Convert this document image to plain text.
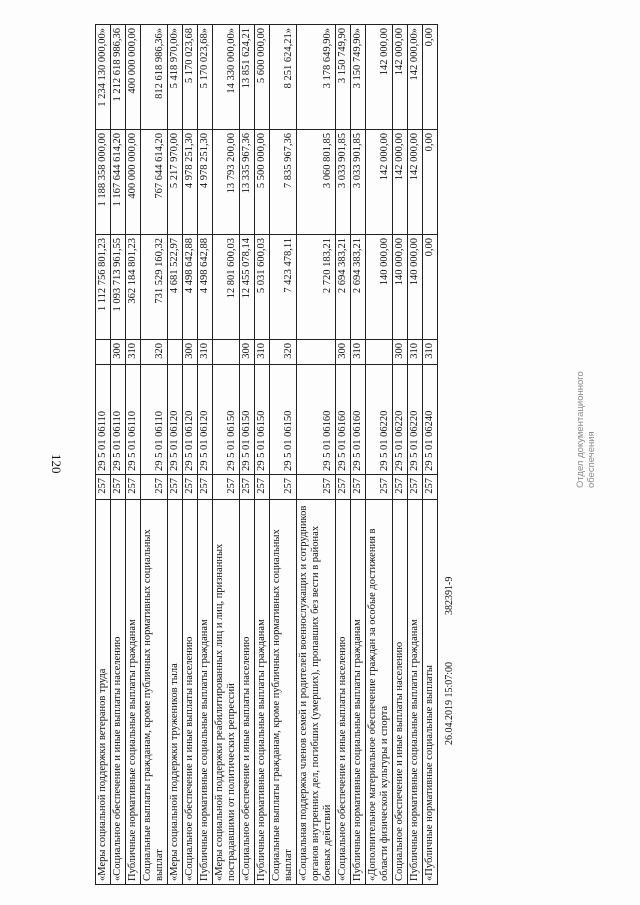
120
«Меры социальной поддержки ветеранов труда	257	29 5 01 06110		1 112 756 801,23	1 188 358 000,00	1 234 130 000,00»
«Социальное обеспечение и иные выплаты населению	257	29 5 01 06110	300	1 093 713 961,55	1 167 644 614,20	1 212 618 986,36
Публичные нормативные социальные выплаты гражданам	257	29 5 01 06110	310	362 184 801,23	400 000 000,00	400 000 000,00
Социальные выплаты гражданам, кроме публичных нормативных социальных выплат	257	29 5 01 06110	320	731 529 160,32	767 644 614,20	812 618 986,36»
«Меры социальной поддержки тружеников тыла	257	29 5 01 06120		4 681 522,97	5 217 970,00	5 418 970,00»
«Социальное обеспечение и иные выплаты населению	257	29 5 01 06120	300	4 498 642,88	4 978 251,30	5 170 023,68
Публичные нормативные социальные выплаты гражданам	257	29 5 01 06120	310	4 498 642,88	4 978 251,30	5 170 023,68»
«Меры социальной поддержки реабилитированных лиц и лиц, признанных пострадавшими от политических репрессий	257	29 5 01 06150		12 801 600,03	13 793 200,00	14 330 000,00»
«Социальное обеспечение и иные выплаты населению	257	29 5 01 06150	300	12 455 078,14	13 335 967,36	13 851 624,21
Публичные нормативные социальные выплаты гражданам	257	29 5 01 06150	310	5 031 600,03	5 500 000,00	5 600 000,00
Социальные выплаты гражданам, кроме публичных нормативных социальных выплат	257	29 5 01 06150	320	7 423 478,11	7 835 967,36	8 251 624,21»
«Социальная поддержка членов семей и родителей военнослужащих и сотрудников органов внутренних дел, погибших (умерших), пропавших без вести в районах боевых действий	257	29 5 01 06160		2 720 183,21	3 060 801,85	3 178 649,90»
«Социальное обеспечение и иные выплаты населению	257	29 5 01 06160	300	2 694 383,21	3 033 901,85	3 150 749,90
Публичные нормативные социальные выплаты гражданам	257	29 5 01 06160	310	2 694 383,21	3 033 901,85	3 150 749,90»
«Дополнительное материальное обеспечение граждан за особые достижения в области физической культуры и спорта	257	29 5 01 06220		140 000,00	142 000,00	142 000,00
Социальное обеспечение и иные выплаты населению	257	29 5 01 06220	300	140 000,00	142 000,00	142 000,00
Публичные нормативные социальные выплаты гражданам	257	29 5 01 06220	310	140 000,00	142 000,00	142 000,00»
«Публичные нормативные социальные выплаты	257	29 5 01 06240	310	0,00	0,00	0,00
26.04.2019 15:07:00
382391-9
Отдел документационного обеспечения
